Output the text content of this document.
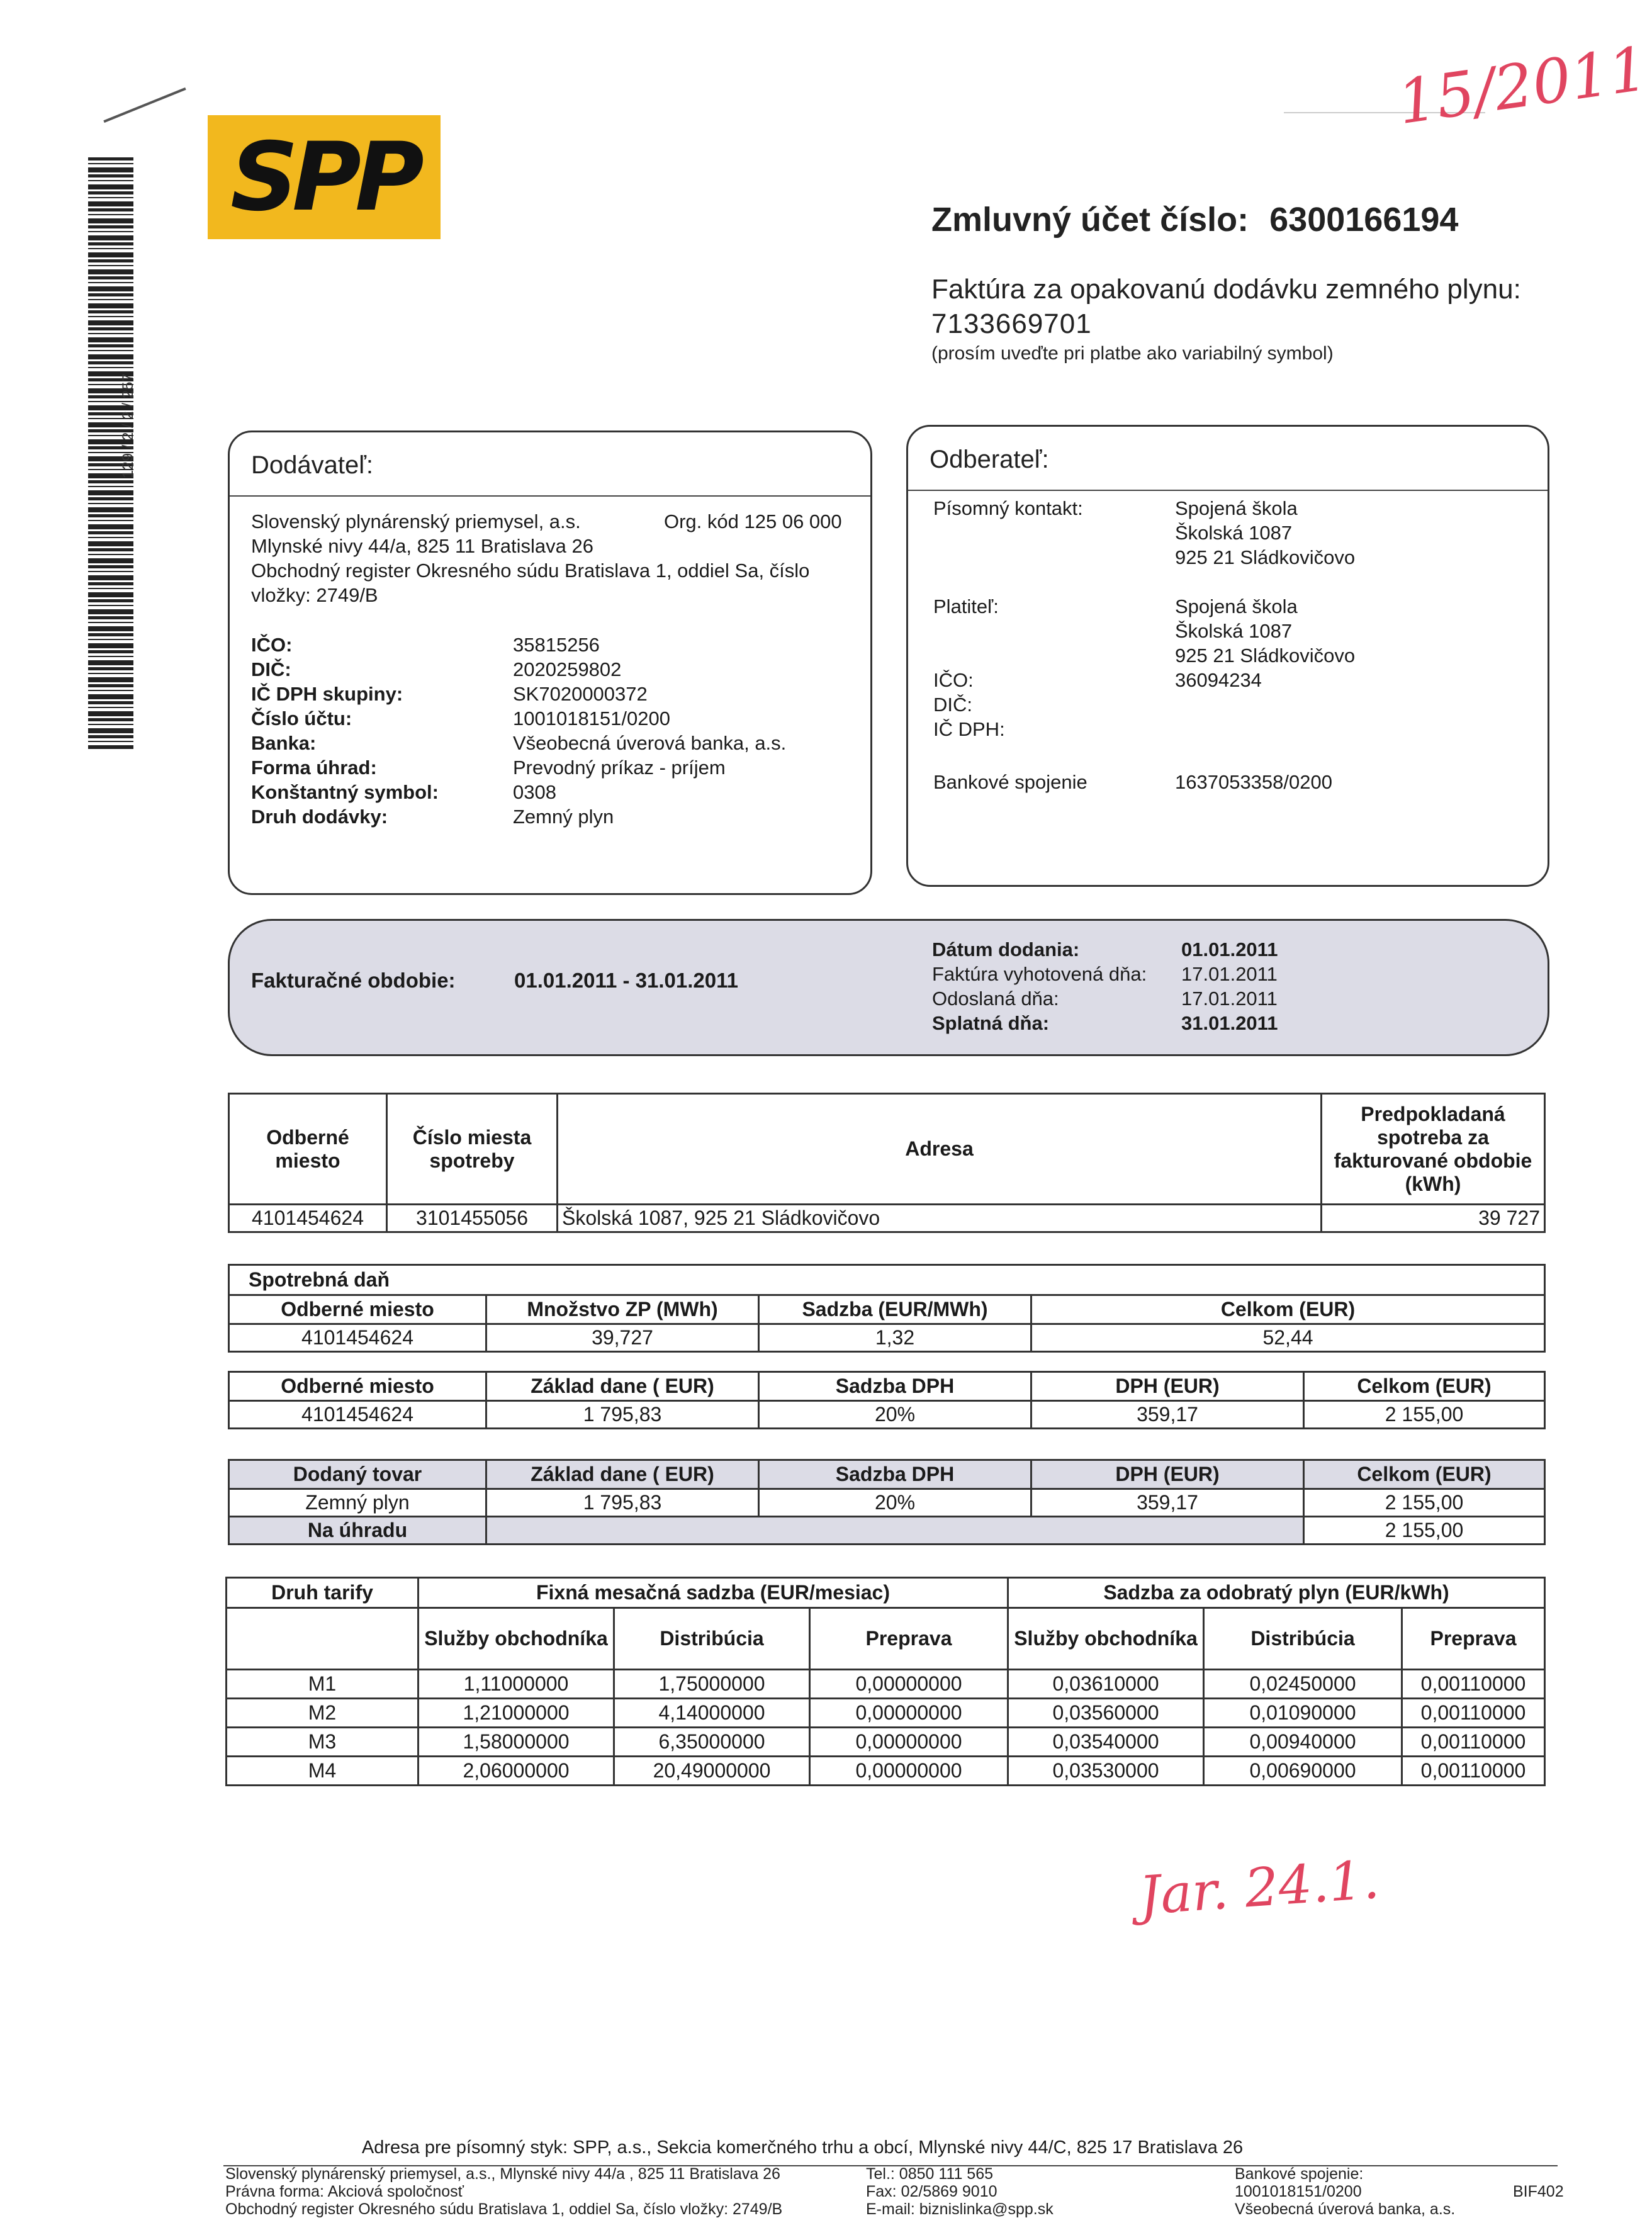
129 / 2 / 2 / 257
SPP
15/2011
Jar. 24.1.
Zmluvný účet číslo: 6300166194
Faktúra za opakovanú dodávku zemného plynu:
7133669701
(prosím uveďte pri platbe ako variabilný symbol)
Dodávateľ:
Slovenský plynárenský priemysel, a.s.	Org. kód 125 06 000
Mlynské nivy 44/a, 825 11 Bratislava 26
Obchodný register Okresného súdu Bratislava 1, oddiel Sa, číslo
vložky: 2749/B
IČO:	35815256
DIČ:	2020259802
IČ DPH skupiny:	SK7020000372
Číslo účtu:	1001018151/0200
Banka:	Všeobecná úverová banka, a.s.
Forma úhrad:	Prevodný príkaz - príjem
Konštantný symbol:	0308
Druh dodávky:	Zemný plyn
Odberateľ:
Písomný kontakt:	Spojená škola
Školská 1087
925 21 Sládkovičovo
Platiteľ:	Spojená škola
Školská 1087
925 21 Sládkovičovo
IČO:	36094234
DIČ:
IČ DPH:
Bankové spojenie	1637053358/0200
Fakturačné obdobie:	01.01.2011 - 31.01.2011
Dátum dodania:	01.01.2011
Faktúra vyhotovená dňa: 17.01.2011
Odoslaná dňa:	17.01.2011
Splatná dňa:	31.01.2011
Odberné miesto	Číslo miesta spotreby	Adresa	Predpokladaná spotreba za fakturované obdobie (kWh)
4101454624	3101455056	Školská 1087, 925 21 Sládkovičovo	39 727
Spotrebná daň			
Odberné miesto	Množstvo ZP (MWh)	Sadzba (EUR/MWh)	Celkom (EUR)
4101454624	39,727	1,32	52,44
Odberné miesto	Základ dane ( EUR)	Sadzba DPH	DPH (EUR)	Celkom (EUR)
4101454624	1 795,83	20%	359,17	2 155,00
Dodaný tovar	Základ dane ( EUR)	Sadzba DPH	DPH (EUR)	Celkom (EUR)
Zemný plyn	1 795,83	20%	359,17	2 155,00
Na úhradu				2 155,00
Druh tarify	Fixná mesačná sadzba (EUR/mesiac)			Sadzba za odobratý plyn (EUR/kWh)		
	Služby obchodníka	Distribúcia	Preprava	Služby obchodníka	Distribúcia	Preprava
M1	1,11000000	1,75000000	0,00000000	0,03610000	0,02450000	0,00110000
M2	1,21000000	4,14000000	0,00000000	0,03560000	0,01090000	0,00110000
M3	1,58000000	6,35000000	0,00000000	0,03540000	0,00940000	0,00110000
M4	2,06000000	20,49000000	0,00000000	0,03530000	0,00690000	0,00110000
Adresa pre písomný styk: SPP, a.s., Sekcia komerčného trhu a obcí, Mlynské nivy 44/C, 825 17 Bratislava 26
Slovenský plynárenský priemysel, a.s., Mlynské nivy 44/a , 825 11 Bratislava 26
Právna forma: Akciová spoločnosť
Obchodný register Okresného súdu Bratislava 1, oddiel Sa, číslo vložky: 2749/B
Tel.: 0850 111 565
Fax: 02/5869 9010
E-mail: biznislinka@spp.sk
Bankové spojenie:
1001018151/0200
Všeobecná úverová banka, a.s.
BIF402
